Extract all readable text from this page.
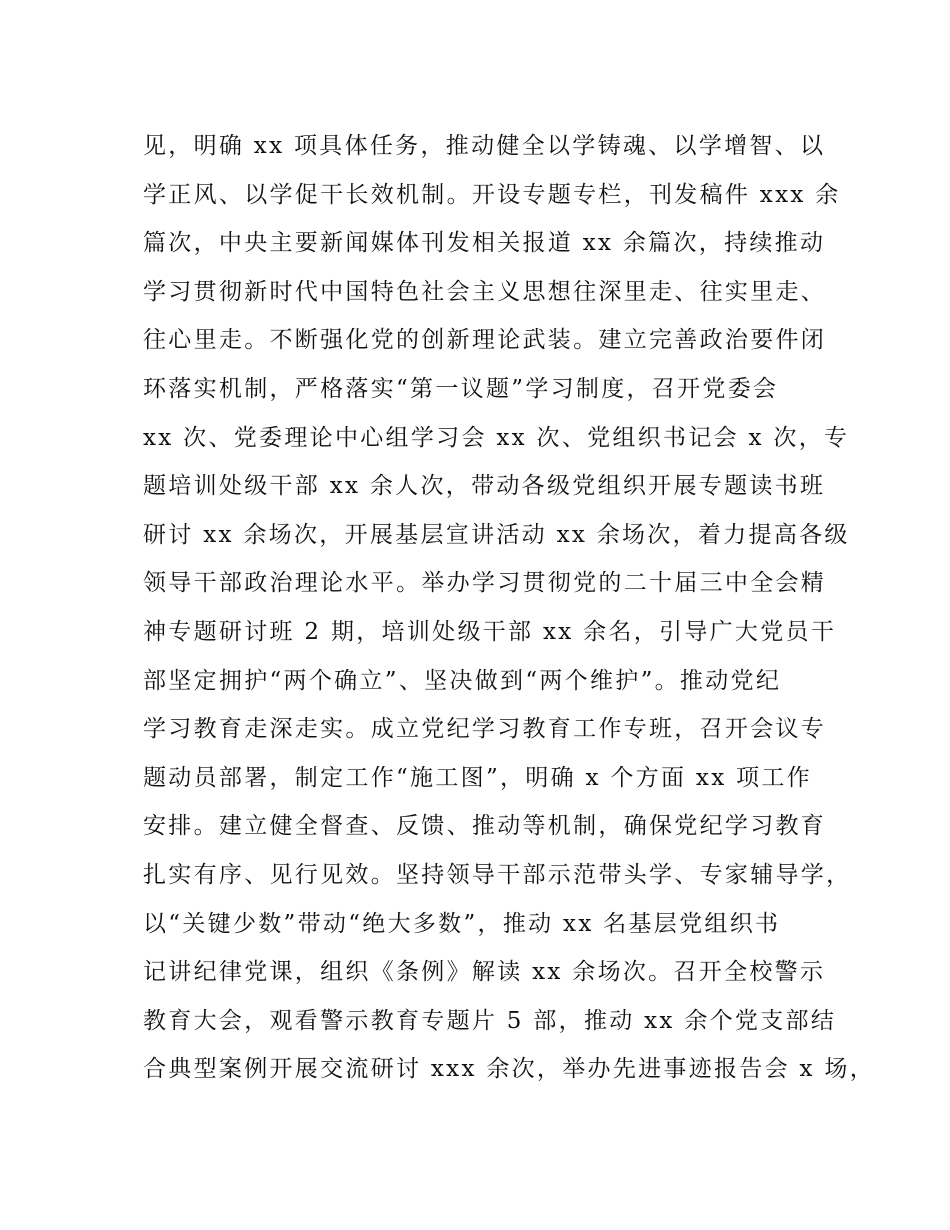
见，明确 xx 项具体任务，推动健全以学铸魂、以学增智、以
学正风、以学促干长效机制。开设专题专栏，刊发稿件 xxx 余
篇次，中央主要新闻媒体刊发相关报道 xx 余篇次，持续推动
学习贯彻新时代中国特色社会主义思想往深里走、往实里走、
往心里走。不断强化党的创新理论武装。建立完善政治要件闭
环落实机制，严格落实“第一议题”学习制度，召开党委会
xx 次、党委理论中心组学习会 xx 次、党组织书记会 x 次，专
题培训处级干部 xx 余人次，带动各级党组织开展专题读书班
研讨 xx 余场次，开展基层宣讲活动 xx 余场次，着力提高各级
领导干部政治理论水平。举办学习贯彻党的二十届三中全会精
神专题研讨班 2 期，培训处级干部 xx 余名，引导广大党员干
部坚定拥护“两个确立”、坚决做到“两个维护”。推动党纪
学习教育走深走实。成立党纪学习教育工作专班，召开会议专
题动员部署，制定工作“施工图”，明确 x 个方面 xx 项工作
安排。建立健全督查、反馈、推动等机制，确保党纪学习教育
扎实有序、见行见效。坚持领导干部示范带头学、专家辅导学，
以“关键少数”带动“绝大多数”，推动 xx 名基层党组织书
记讲纪律党课，组织《条例》解读 xx 余场次。召开全校警示
教育大会，观看警示教育专题片 5 部，推动 xx 余个党支部结
合典型案例开展交流研讨 xxx 余次，举办先进事迹报告会 x 场，
